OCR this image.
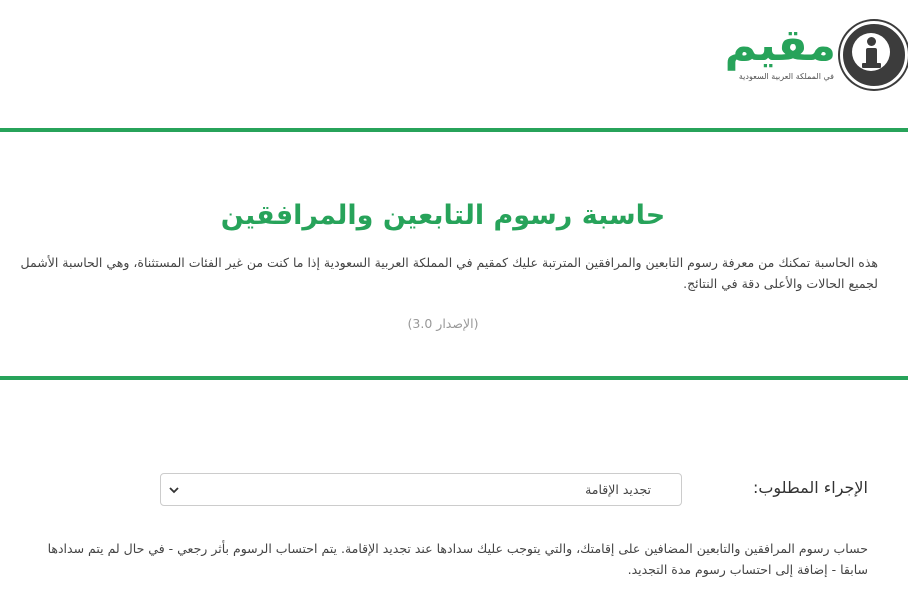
مقيم
في المملكة العربية السعودية
حاسبة رسوم التابعين والمرافقين

هذه الحاسبة تمكنك من معرفة رسوم التابعين والمرافقين المترتبة عليك كمقيم في المملكة العربية السعودية إذا ما كنت من غير الفئات المستثناة، وهي الحاسبة الأشمل لجميع الحالات والأعلى دقة في النتائج.

(الإصدار 3.0)
الإجراء المطلوب:
تجديد الإقامة

حساب رسوم المرافقين والتابعين المضافين على إقامتك، والتي يتوجب عليك سدادها عند تجديد الإقامة. يتم احتساب الرسوم بأثر رجعي - في حال لم يتم سدادها سابقا - إضافة إلى احتساب رسوم مدة التجديد.
